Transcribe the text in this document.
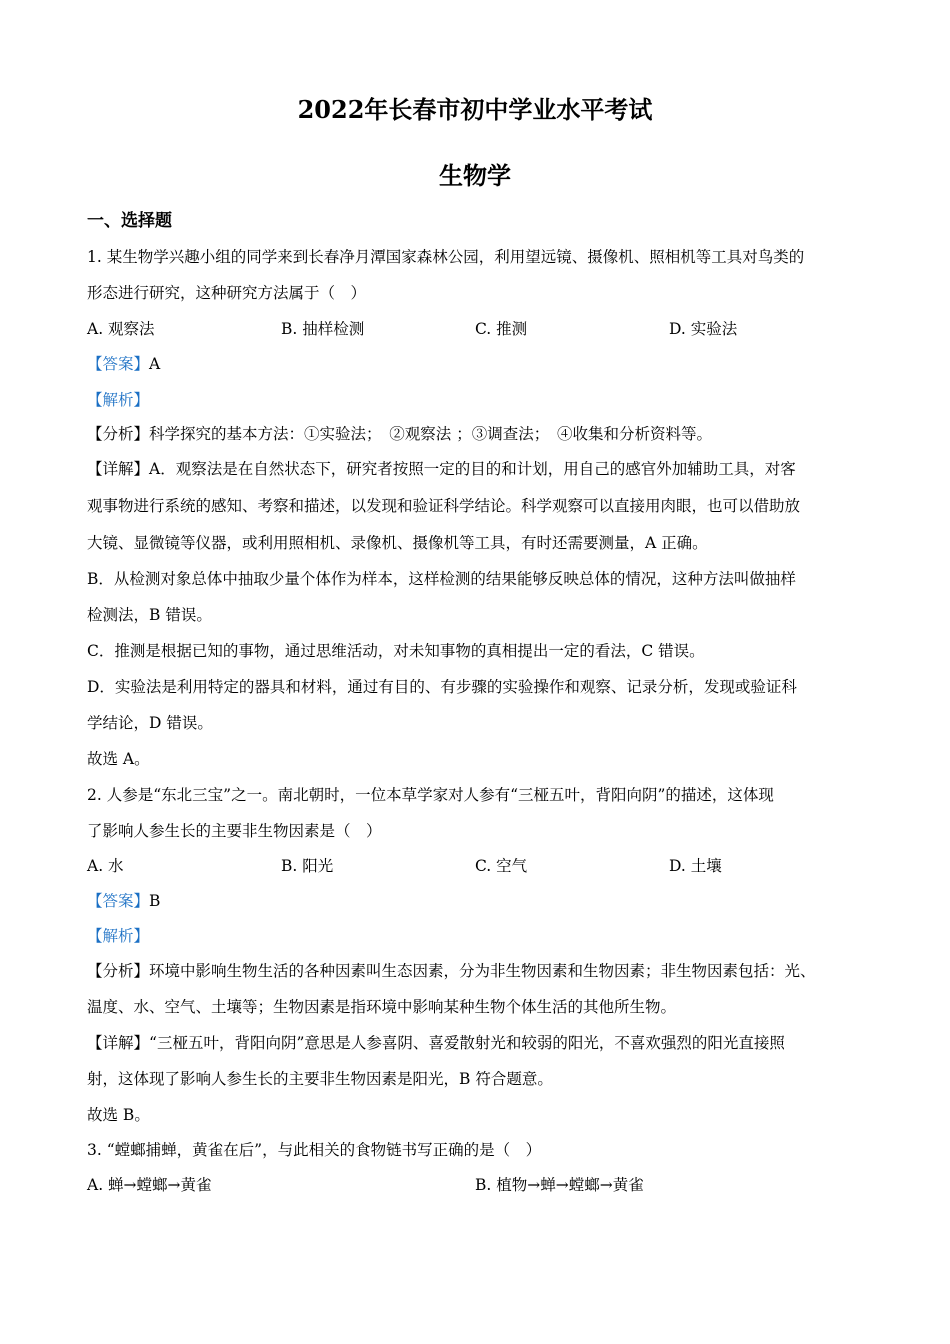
2022年长春市初中学业水平考试
生物学
一、选择题
1. 某生物学兴趣小组的同学来到长春净月潭国家森林公园，利用望远镜、摄像机、照相机等工具对鸟类的
形态进行研究，这种研究方法属于（　）
A. 观察法	B. 抽样检测	C. 推测	D. 实验法
【答案】A
【解析】
【分析】科学探究的基本方法：①实验法；　②观察法 ；③调查法；　④收集和分析资料等。
【详解】A．观察法是在自然状态下，研究者按照一定的目的和计划，用自己的感官外加辅助工具，对客
观事物进行系统的感知、考察和描述，以发现和验证科学结论。科学观察可以直接用肉眼，也可以借助放
大镜、显微镜等仪器，或利用照相机、录像机、摄像机等工具，有时还需要测量，A 正确。
B．从检测对象总体中抽取少量个体作为样本，这样检测的结果能够反映总体的情况，这种方法叫做抽样
检测法，B 错误。
C．推测是根据已知的事物，通过思维活动，对未知事物的真相提出一定的看法，C 错误。
D．实验法是利用特定的器具和材料，通过有目的、有步骤的实验操作和观察、记录分析，发现或验证科
学结论，D 错误。
故选 A。
2. 人参是“东北三宝”之一。南北朝时，一位本草学家对人参有“三桠五叶，背阳向阴”的描述，这体现
了影响人参生长的主要非生物因素是（　）
A. 水	B. 阳光	C. 空气	D. 土壤
【答案】B
【解析】
【分析】环境中影响生物生活的各种因素叫生态因素，分为非生物因素和生物因素；非生物因素包括：光、
温度、水、空气、土壤等；生物因素是指环境中影响某种生物个体生活的其他所生物。
【详解】“三桠五叶，背阳向阴”意思是人参喜阴、喜爱散射光和较弱的阳光，不喜欢强烈的阳光直接照
射，这体现了影响人参生长的主要非生物因素是阳光，B 符合题意。
故选 B。
3. “螳螂捕蝉，黄雀在后”，与此相关的食物链书写正确的是（　）
A. 蝉→螳螂→黄雀	B. 植物→蝉→螳螂→黄雀
